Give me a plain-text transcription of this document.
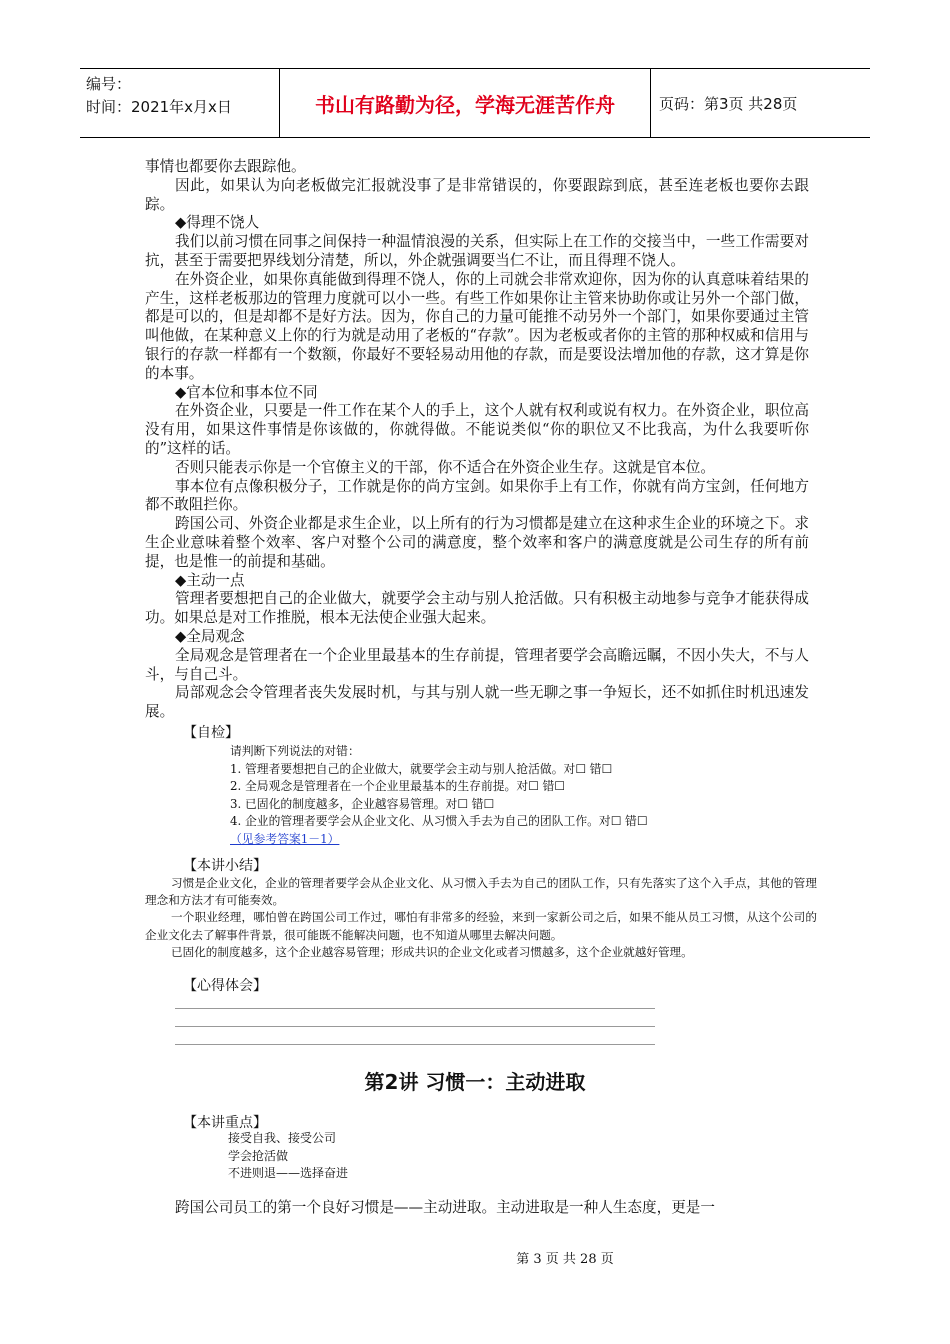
编号：
时间：2021年x月x日	书山有路勤为径，学海无涯苦作舟	页码：第3页 共28页

事情也都要你去跟踪他。

因此，如果认为向老板做完汇报就没事了是非常错误的，你要跟踪到底，甚至连老板也要你去跟踪。

◆得理不饶人

我们以前习惯在同事之间保持一种温情浪漫的关系，但实际上在工作的交接当中，一些工作需要对抗，甚至于需要把界线划分清楚，所以，外企就强调要当仁不让，而且得理不饶人。

在外资企业，如果你真能做到得理不饶人，你的上司就会非常欢迎你，因为你的认真意味着结果的产生，这样老板那边的管理力度就可以小一些。有些工作如果你让主管来协助你或让另外一个部门做，都是可以的，但是却都不是好方法。因为，你自己的力量可能推不动另外一个部门，如果你要通过主管叫他做，在某种意义上你的行为就是动用了老板的“存款”。因为老板或者你的主管的那种权威和信用与银行的存款一样都有一个数额，你最好不要轻易动用他的存款，而是要设法增加他的存款，这才算是你的本事。

◆官本位和事本位不同

在外资企业，只要是一件工作在某个人的手上，这个人就有权利或说有权力。在外资企业，职位高没有用，如果这件事情是你该做的，你就得做。不能说类似“你的职位又不比我高，为什么我要听你的”这样的话。

否则只能表示你是一个官僚主义的干部，你不适合在外资企业生存。这就是官本位。

事本位有点像积极分子，工作就是你的尚方宝剑。如果你手上有工作，你就有尚方宝剑，任何地方都不敢阻拦你。

跨国公司、外资企业都是求生企业，以上所有的行为习惯都是建立在这种求生企业的环境之下。求生企业意味着整个效率、客户对整个公司的满意度，整个效率和客户的满意度就是公司生存的所有前提，也是惟一的前提和基础。

◆主动一点

管理者要想把自己的企业做大，就要学会主动与别人抢活做。只有积极主动地参与竞争才能获得成功。如果总是对工作推脱，根本无法使企业强大起来。

◆全局观念

全局观念是管理者在一个企业里最基本的生存前提，管理者要学会高瞻远瞩，不因小失大，不与人斗，与自己斗。

局部观念会令管理者丧失发展时机，与其与别人就一些无聊之事一争短长，还不如抓住时机迅速发展。

【自检】

请判断下列说法的对错：

1. 管理者要想把自己的企业做大，就要学会主动与别人抢活做。对☐ 错☐

2. 全局观念是管理者在一个企业里最基本的生存前提。对☐ 错☐

3. 已固化的制度越多，企业越容易管理。对☐ 错☐

4. 企业的管理者要学会从企业文化、从习惯入手去为自己的团队工作。对☐ 错☐

（见参考答案1－1）

【本讲小结】

习惯是企业文化，企业的管理者要学会从企业文化、从习惯入手去为自己的团队工作，只有先落实了这个入手点，其他的管理理念和方法才有可能奏效。

一个职业经理，哪怕曾在跨国公司工作过，哪怕有非常多的经验，来到一家新公司之后，如果不能从员工习惯，从这个公司的企业文化去了解事件背景，很可能既不能解决问题，也不知道从哪里去解决问题。

已固化的制度越多，这个企业越容易管理；形成共识的企业文化或者习惯越多，这个企业就越好管理。

【心得体会】
第2讲 习惯一：主动进取
【本讲重点】

接受自我、接受公司

学会抢活做

不进则退——选择奋进

跨国公司员工的第一个良好习惯是——主动进取。主动进取是一种人生态度，更是一
第 3 页 共 28 页
